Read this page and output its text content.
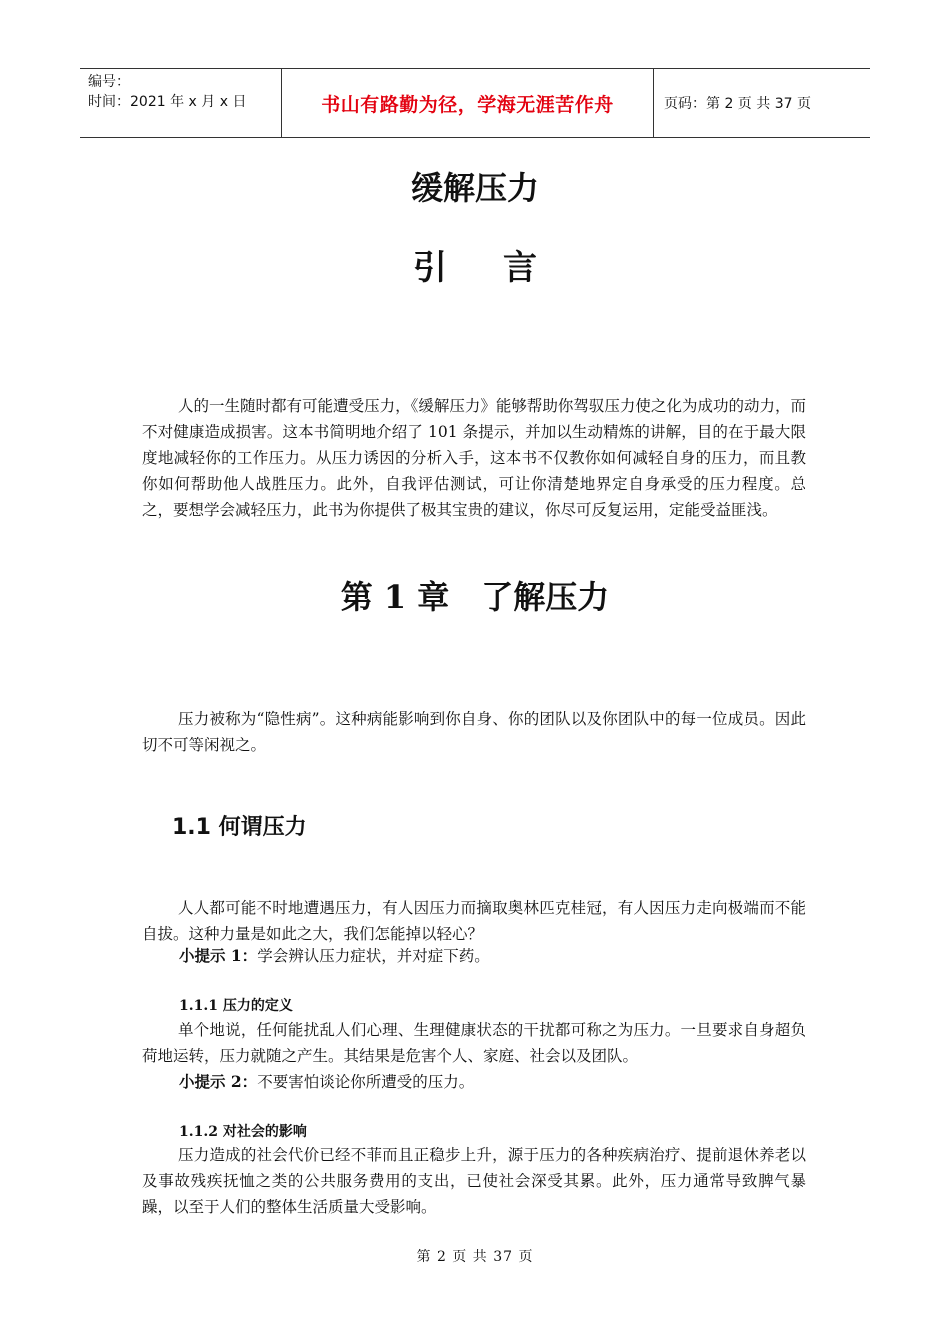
编号：
时间：2021 年 x 月 x 日	书山有路勤为径，学海无涯苦作舟	页码：第 2 页 共 37 页
缓解压力
引言
人的一生随时都有可能遭受压力，《缓解压力》能够帮助你驾驭压力使之化为成功的动力，而不对健康造成损害。这本书简明地介绍了 101 条提示，并加以生动精炼的讲解，目的在于最大限度地减轻你的工作压力。从压力诱因的分析入手，这本书不仅教你如何减轻自身的压力，而且教你如何帮助他人战胜压力。此外，自我评估测试，可让你清楚地界定自身承受的压力程度。总之，要想学会减轻压力，此书为你提供了极其宝贵的建议，你尽可反复运用，定能受益匪浅。
第 1 章　了解压力
压力被称为“隐性病”。这种病能影响到你自身、你的团队以及你团队中的每一位成员。因此切不可等闲视之。
1.1 何谓压力
人人都可能不时地遭遇压力，有人因压力而摘取奥林匹克桂冠，有人因压力走向极端而不能自拔。这种力量是如此之大，我们怎能掉以轻心？
小提示 1：学会辨认压力症状，并对症下药。
1.1.1 压力的定义
单个地说，任何能扰乱人们心理、生理健康状态的干扰都可称之为压力。一旦要求自身超负荷地运转，压力就随之产生。其结果是危害个人、家庭、社会以及团队。
小提示 2：不要害怕谈论你所遭受的压力。
1.1.2 对社会的影响
压力造成的社会代价已经不菲而且正稳步上升，源于压力的各种疾病治疗、提前退休养老以及事故残疾抚恤之类的公共服务费用的支出，已使社会深受其累。此外，压力通常导致脾气暴躁，以至于人们的整体生活质量大受影响。
第 2 页 共 37 页
